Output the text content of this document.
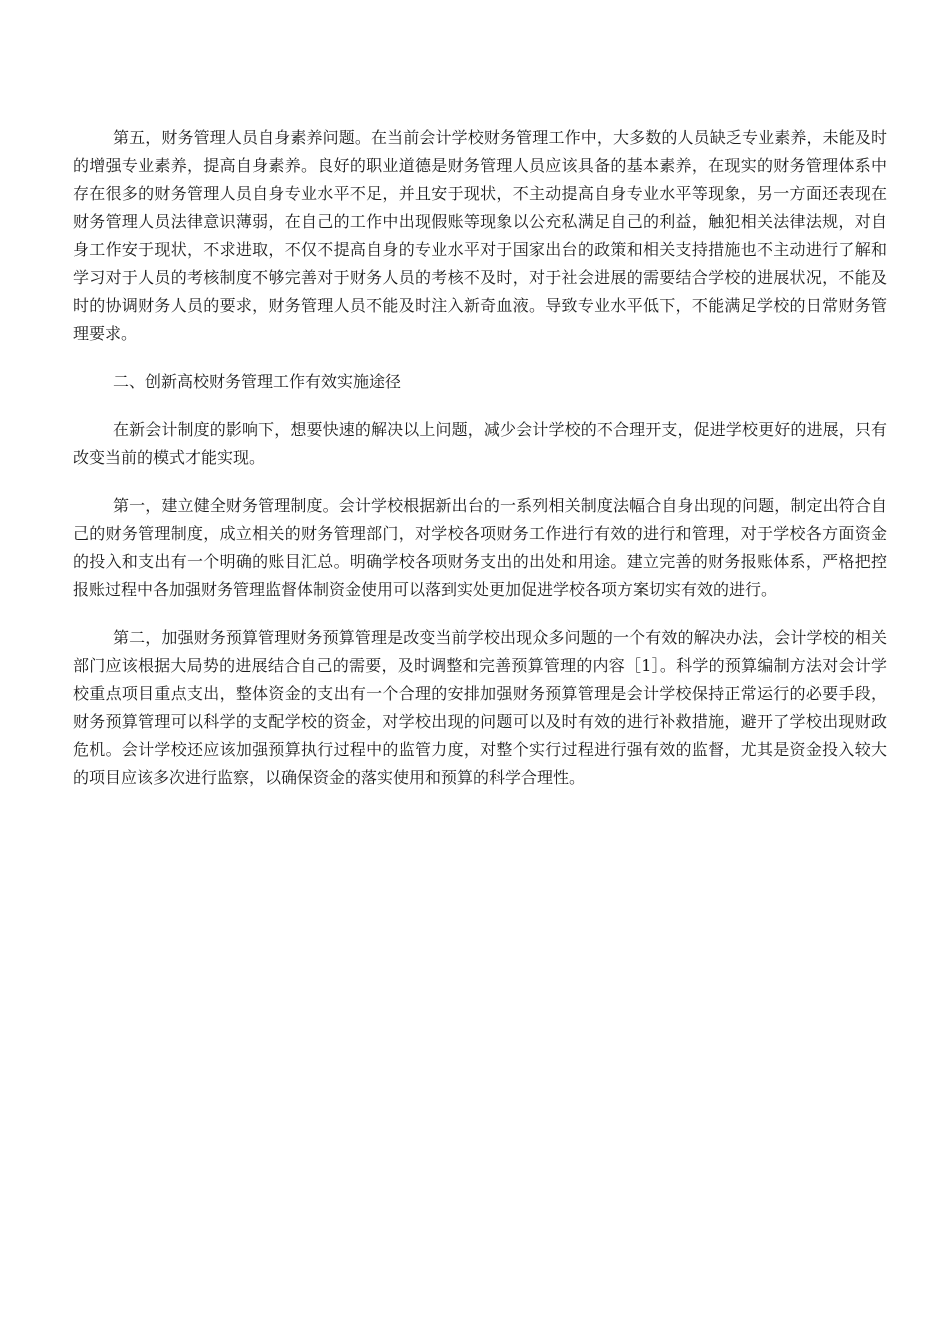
第五，财务管理人员自身素养问题。在当前会计学校财务管理工作中，大多数的人员缺乏专业素养，未能及时的增强专业素养，提高自身素养。良好的职业道德是财务管理人员应该具备的基本素养，在现实的财务管理体系中存在很多的财务管理人员自身专业水平不足，并且安于现状，不主动提高自身专业水平等现象，另一方面还表现在财务管理人员法律意识薄弱，在自己的工作中出现假账等现象以公充私满足自己的利益，触犯相关法律法规，对自身工作安于现状，不求进取，不仅不提高自身的专业水平对于国家出台的政策和相关支持措施也不主动进行了解和学习对于人员的考核制度不够完善对于财务人员的考核不及时，对于社会进展的需要结合学校的进展状况，不能及时的协调财务人员的要求，财务管理人员不能及时注入新奇血液。导致专业水平低下，不能满足学校的日常财务管理要求。

二、创新高校财务管理工作有效实施途径

在新会计制度的影响下，想要快速的解决以上问题，减少会计学校的不合理开支，促进学校更好的进展，只有改变当前的模式才能实现。

第一，建立健全财务管理制度。会计学校根据新出台的一系列相关制度法幅合自身出现的问题，制定出符合自己的财务管理制度，成立相关的财务管理部门，对学校各项财务工作进行有效的进行和管理，对于学校各方面资金的投入和支出有一个明确的账目汇总。明确学校各项财务支出的出处和用途。建立完善的财务报账体系，严格把控报账过程中各加强财务管理监督体制资金使用可以落到实处更加促进学校各项方案切实有效的进行。

第二，加强财务预算管理财务预算管理是改变当前学校出现众多问题的一个有效的解决办法，会计学校的相关部门应该根据大局势的进展结合自己的需要，及时调整和完善预算管理的内容［1］。科学的预算编制方法对会计学校重点项目重点支出，整体资金的支出有一个合理的安排加强财务预算管理是会计学校保持正常运行的必要手段，财务预算管理可以科学的支配学校的资金，对学校出现的问题可以及时有效的进行补救措施，避开了学校出现财政危机。会计学校还应该加强预算执行过程中的监管力度，对整个实行过程进行强有效的监督，尤其是资金投入较大的项目应该多次进行监察，以确保资金的落实使用和预算的科学合理性。
